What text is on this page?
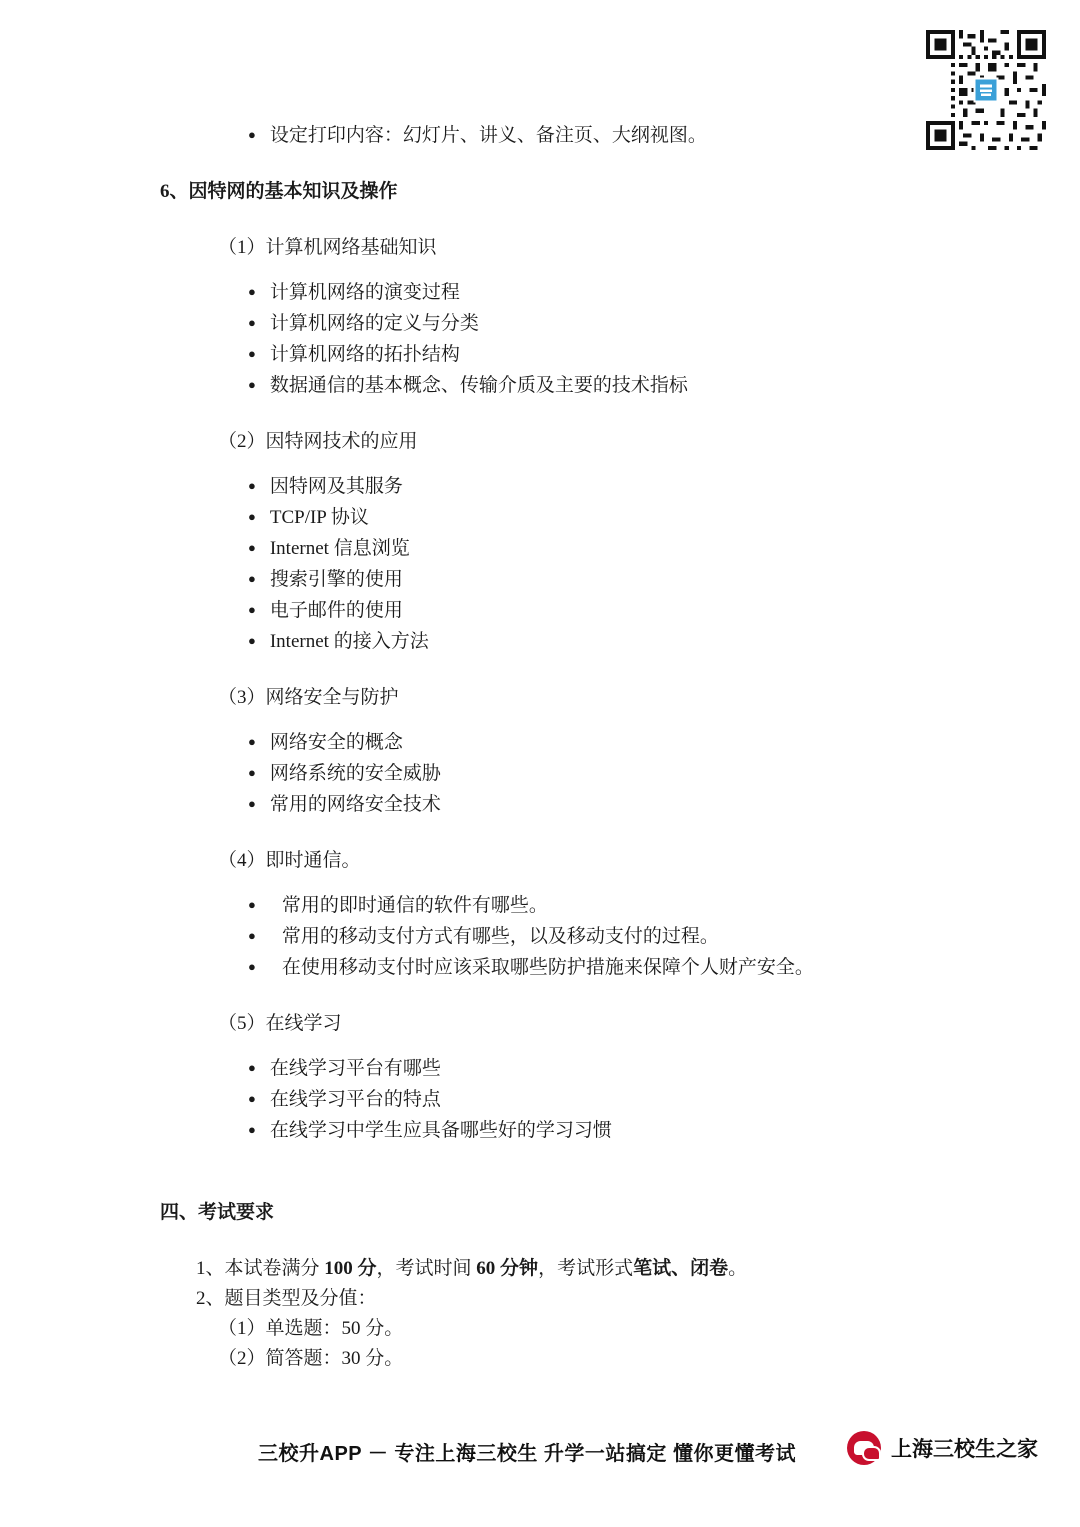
● 设定打印内容：幻灯片、讲义、备注页、大纲视图。
6、因特网的基本知识及操作
（1）计算机网络基础知识
● 计算机网络的演变过程
● 计算机网络的定义与分类
● 计算机网络的拓扑结构
● 数据通信的基本概念、传输介质及主要的技术指标
（2）因特网技术的应用
● 因特网及其服务
● TCP/IP 协议
● Internet 信息浏览
● 搜索引擎的使用
● 电子邮件的使用
● Internet 的接入方法
（3）网络安全与防护
● 网络安全的概念
● 网络系统的安全威胁
● 常用的网络安全技术
（4）即时通信。
● 常用的即时通信的软件有哪些。
● 常用的移动支付方式有哪些，以及移动支付的过程。
● 在使用移动支付时应该采取哪些防护措施来保障个人财产安全。
（5）在线学习
● 在线学习平台有哪些
● 在线学习平台的特点
● 在线学习中学生应具备哪些好的学习习惯
四、考试要求
1、本试卷满分 100 分，考试时间 60 分钟，考试形式笔试、闭卷。
2、题目类型及分值：
（1）单选题：50 分。
（2）简答题：30 分。
三校升APP － 专注上海三校生 升学一站搞定 懂你更懂考试	上海三校生之家
